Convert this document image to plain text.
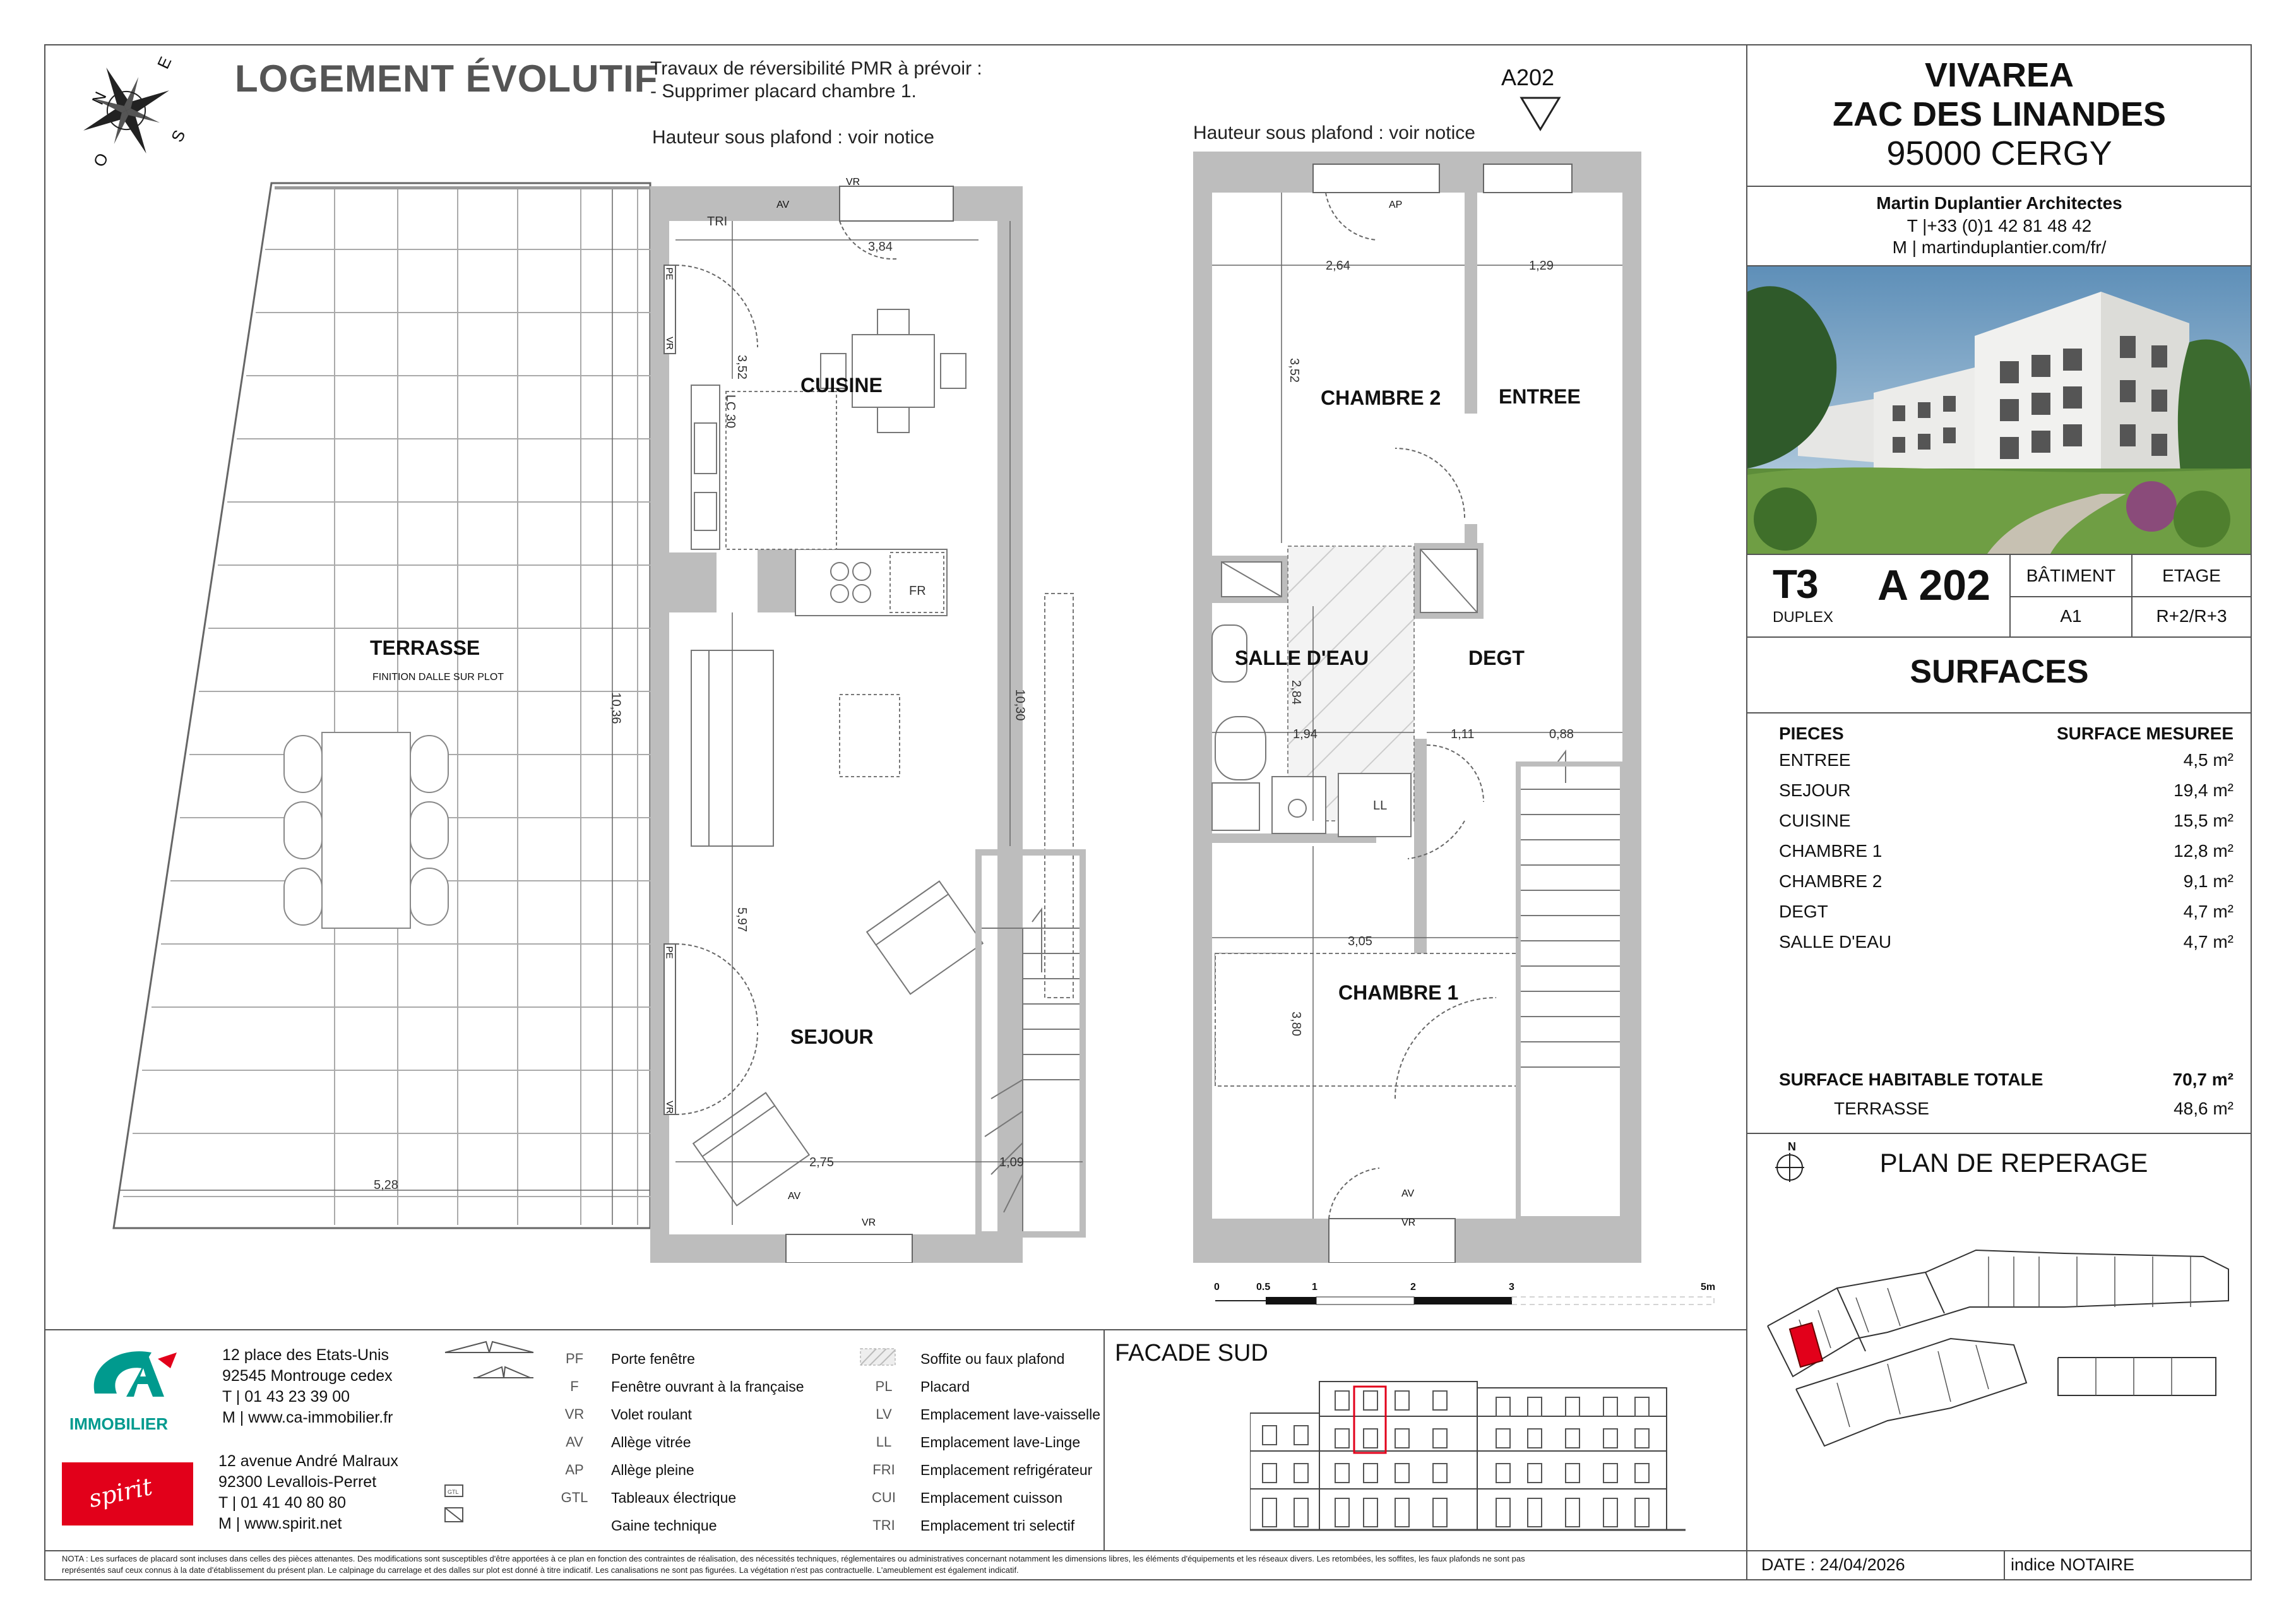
N
E
S
O
LOGEMENT ÉVOLUTIF
Travaux de réversibilité PMR à prévoir :
- Supprimer placard chambre 1.
Hauteur sous plafond : voir notice	Hauteur sous plafond : voir notice
A202
TERRASSE
FINITION DALLE SUR PLOT
CUISINE
SEJOUR
TRI
FR
LC 30
3,84
3,52
10,36	10,30
5,97
2,75	1,09
5,28
PE
VR
PE
VR
VR
AV
AV
VR
CHAMBRE 2	ENTREE
SALLE D'EAU	DEGT
CHAMBRE 1
LL
2,64	1,29
3,52
2,84
1,94	1,11	0,88
3,05
3,80
AP
AV
VR
0	0.5	1	2	3	5m
VIVAREA
ZAC DES LINANDES
95000 CERGY
Martin Duplantier Architectes
T |+33 (0)1 42 81 48 42
M | martinduplantier.com/fr/
T3
DUPLEX
A 202	BÂTIMENT	ETAGE
A1	R+2/R+3
SURFACES
PIECES	SURFACE MESUREE
ENTREE	4,5 m²
SEJOUR	19,4 m²
CUISINE	15,5 m²
CHAMBRE 1	12,8 m²
CHAMBRE 2	9,1 m²
DEGT	4,7 m²
SALLE D'EAU	4,7 m²
SURFACE HABITABLE TOTALE	70,7 m²
TERRASSE	48,6 m²
N
PLAN DE REPERAGE
DATE : 24/04/2026	indice NOTAIRE
IMMOBILIER
12 place des Etats-Unis
92545 Montrouge cedex
T | 01 43 23 39 00
M | www.ca-immobilier.fr
spirit
12 avenue André Malraux
92300 Levallois-Perret
T | 01 41 40 80 80
M | www.spirit.net
GTL
PF	Porte fenêtre
F	Fenêtre ouvrant à la française
VR	Volet roulant
AV	Allège vitrée
AP	Allège pleine
GTL	Tableaux électrique
Gaine technique
Soffite ou faux plafond
PL	Placard
LV	Emplacement lave-vaisselle
LL	Emplacement lave-Linge
FRI	Emplacement refrigérateur
CUI	Emplacement cuisson
TRI	Emplacement tri selectif
FACADE SUD
NOTA : Les surfaces de placard sont incluses dans celles des pièces attenantes. Des modifications sont susceptibles d'être apportées à ce plan en fonction des contraintes de réalisation, des nécessités techniques, réglementaires ou administratives concernant notamment les dimensions libres, les éléments d'équipements et les réseaux divers. Les retombées, les soffites, les faux plafonds ne sont pas
représentés sauf ceux connus à la date d'établissement du présent plan. Le calpinage du carrelage et des dalles sur plot est donné à titre indicatif. Les canalisations ne sont pas figurées. La végétation n'est pas contractuelle. L'ameublement est également indicatif.
